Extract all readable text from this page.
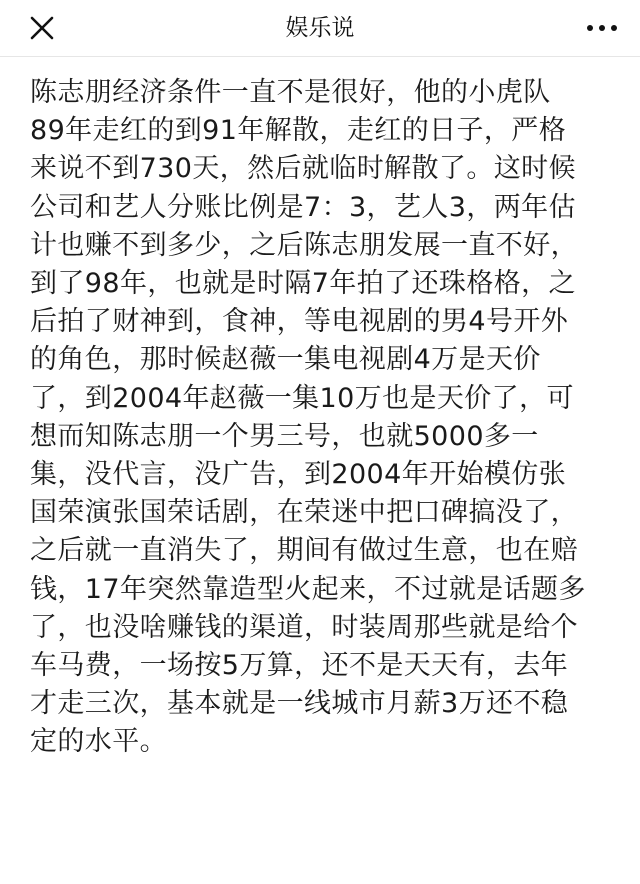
娱乐说
陈志朋经济条件一直不是很好，他的小虎队
89年走红的到91年解散，走红的日子，严格
来说不到730天，然后就临时解散了。这时候
公司和艺人分账比例是7：3，艺人3，两年估
计也赚不到多少，之后陈志朋发展一直不好，
到了98年，也就是时隔7年拍了还珠格格，之
后拍了财神到，食神，等电视剧的男4号开外
的角色，那时候赵薇一集电视剧4万是天价
了，到2004年赵薇一集10万也是天价了，可
想而知陈志朋一个男三号，也就5000多一
集，没代言，没广告，到2004年开始模仿张
国荣演张国荣话剧，在荣迷中把口碑搞没了，
之后就一直消失了，期间有做过生意，也在赔
钱，17年突然靠造型火起来，不过就是话题多
了，也没啥赚钱的渠道，时装周那些就是给个
车马费，一场按5万算，还不是天天有，去年
才走三次，基本就是一线城市月薪3万还不稳
定的水平。
